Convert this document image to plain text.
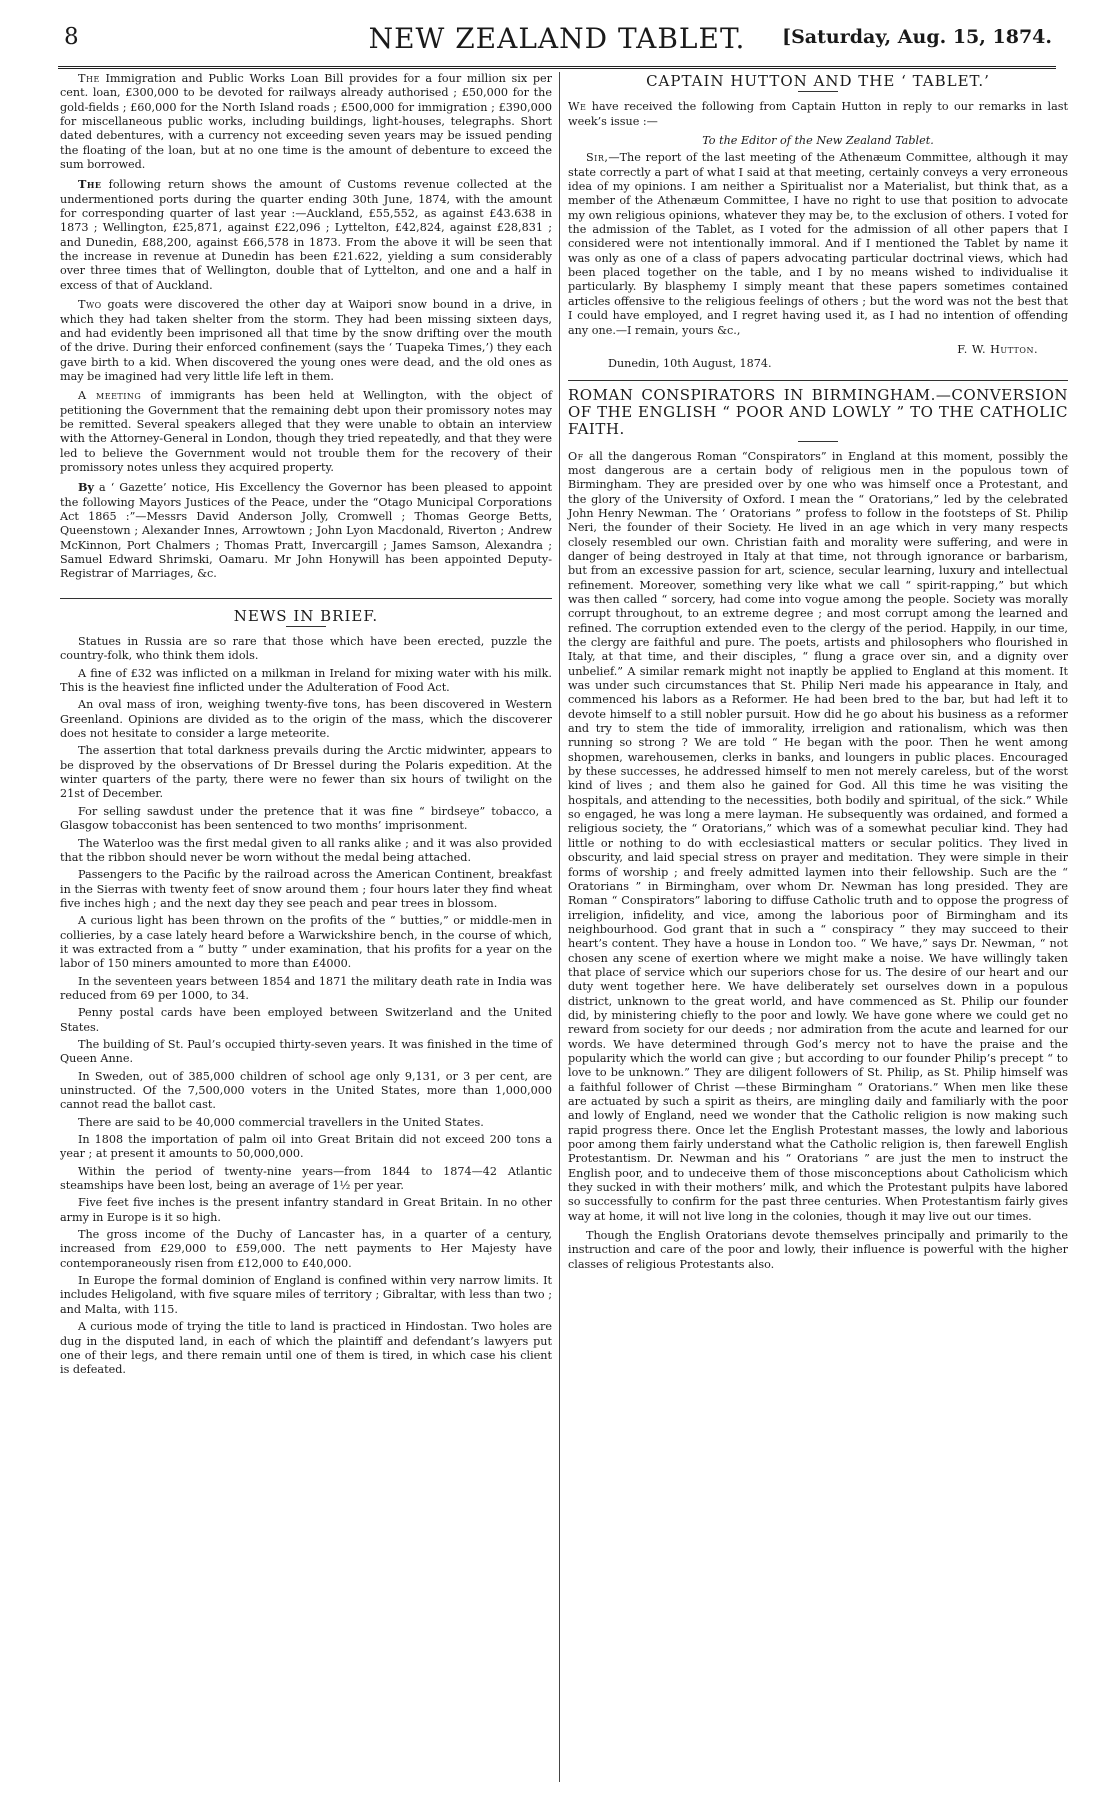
8	NEW ZEALAND TABLET.	[Saturday, Aug. 15, 1874.

The Immigration and Public Works Loan Bill provides for a four million six per cent. loan, £300,000 to be devoted for railways already authorised ; £50,000 for the gold-fields ; £60,000 for the North Island roads ; £500,000 for immigration ; £390,000 for miscellaneous public works, including buildings, light-houses, telegraphs. Short dated debentures, with a currency not exceeding seven years may be issued pending the floating of the loan, but at no one time is the amount of debenture to exceed the sum borrowed.

The following return shows the amount of Customs revenue collected at the undermentioned ports during the quarter ending 30th June, 1874, with the amount for corresponding quarter of last year :—Auckland, £55,552, as against £43.638 in 1873 ; Wellington, £25,871, against £22,096 ; Lyttelton, £42,824, against £28,831 ; and Dunedin, £88,200, against £66,578 in 1873. From the above it will be seen that the increase in revenue at Dunedin has been £21.622, yielding a sum considerably over three times that of Wellington, double that of Lyttelton, and one and a half in excess of that of Auckland.

Two goats were discovered the other day at Waipori snow bound in a drive, in which they had taken shelter from the storm. They had been missing sixteen days, and had evidently been imprisoned all that time by the snow drifting over the mouth of the drive. During their enforced confinement (says the ‘ Tuapeka Times,’) they each gave birth to a kid. When discovered the young ones were dead, and the old ones as may be imagined had very little life left in them.

A meeting of immigrants has been held at Wellington, with the object of petitioning the Government that the remaining debt upon their promissory notes may be remitted. Several speakers alleged that they were unable to obtain an interview with the Attorney-General in London, though they tried repeatedly, and that they were led to believe the Government would not trouble them for the recovery of their promissory notes unless they acquired property.

By a ‘ Gazette’ notice, His Excellency the Governor has been pleased to appoint the following Mayors Justices of the Peace, under the “Otago Municipal Corporations Act 1865 :”—Messrs David Anderson Jolly, Cromwell ; Thomas George Betts, Queenstown ; Alexander Innes, Arrowtown ; John Lyon Macdonald, Riverton ; Andrew McKinnon, Port Chalmers ; Thomas Pratt, Invercargill ; James Samson, Alexandra ; Samuel Edward Shrimski, Oamaru. Mr John Honywill has been appointed Deputy-Registrar of Marriages, &c.

NEWS IN BRIEF.

Statues in Russia are so rare that those which have been erected, puzzle the country-folk, who think them idols.

A fine of £32 was inflicted on a milkman in Ireland for mixing water with his milk. This is the heaviest fine inflicted under the Adulteration of Food Act.

An oval mass of iron, weighing twenty-five tons, has been discovered in Western Greenland. Opinions are divided as to the origin of the mass, which the discoverer does not hesitate to consider a large meteorite.

The assertion that total darkness prevails during the Arctic midwinter, appears to be disproved by the observations of Dr Bressel during the Polaris expedition. At the winter quarters of the party, there were no fewer than six hours of twilight on the 21st of December.

For selling sawdust under the pretence that it was fine “ birdseye” tobacco, a Glasgow tobacconist has been sentenced to two months’ imprisonment.

The Waterloo was the first medal given to all ranks alike ; and it was also provided that the ribbon should never be worn without the medal being attached.

Passengers to the Pacific by the railroad across the American Continent, breakfast in the Sierras with twenty feet of snow around them ; four hours later they find wheat five inches high ; and the next day they see peach and pear trees in blossom.

A curious light has been thrown on the profits of the “ butties,” or middle-men in collieries, by a case lately heard before a Warwickshire bench, in the course of which, it was extracted from a “ butty ” under examination, that his profits for a year on the labor of 150 miners amounted to more than £4000.

In the seventeen years between 1854 and 1871 the military death rate in India was reduced from 69 per 1000, to 34.

Penny postal cards have been employed between Switzerland and the United States.

The building of St. Paul’s occupied thirty-seven years. It was finished in the time of Queen Anne.

In Sweden, out of 385,000 children of school age only 9,131, or 3 per cent, are uninstructed. Of the 7,500,000 voters in the United States, more than 1,000,000 cannot read the ballot cast.

There are said to be 40,000 commercial travellers in the United States.

In 1808 the importation of palm oil into Great Britain did not exceed 200 tons a year ; at present it amounts to 50,000,000.

Within the period of twenty-nine years—from 1844 to 1874—42 Atlantic steamships have been lost, being an average of 1½ per year.

Five feet five inches is the present infantry standard in Great Britain. In no other army in Europe is it so high.

The gross income of the Duchy of Lancaster has, in a quarter of a century, increased from £29,000 to £59,000. The nett payments to Her Majesty have contemporaneously risen from £12,000 to £40,000.

In Europe the formal dominion of England is confined within very narrow limits. It includes Heligoland, with five square miles of territory ; Gibraltar, with less than two ; and Malta, with 115.

A curious mode of trying the title to land is practiced in Hindostan. Two holes are dug in the disputed land, in each of which the plaintiff and defendant’s lawyers put one of their legs, and there remain until one of them is tired, in which case his client is defeated.

CAPTAIN HUTTON AND THE ‘ TABLET.’

We have received the following from Captain Hutton in reply to our remarks in last week’s issue :—

To the Editor of the New Zealand Tablet.

Sir,—The report of the last meeting of the Athenæum Committee, although it may state correctly a part of what I said at that meeting, certainly conveys a very erroneous idea of my opinions. I am neither a Spiritualist nor a Materialist, but think that, as a member of the Athenæum Committee, I have no right to use that position to advocate my own religious opinions, whatever they may be, to the exclusion of others. I voted for the admission of the Tablet, as I voted for the admission of all other papers that I considered were not intentionally immoral. And if I mentioned the Tablet by name it was only as one of a class of papers advocating particular doctrinal views, which had been placed together on the table, and I by no means wished to individualise it particularly. By blasphemy I simply meant that these papers sometimes contained articles offensive to the religious feelings of others ; but the word was not the best that I could have employed, and I regret having used it, as I had no intention of offending any one.—I remain, yours &c.,

F. W. Hutton.
Dunedin, 10th August, 1874.
ROMAN CONSPIRATORS IN BIRMINGHAM.—CONVERSION OF THE ENGLISH “ POOR AND LOWLY ” TO THE CATHOLIC FAITH.

Of all the dangerous Roman “Conspirators” in England at this moment, possibly the most dangerous are a certain body of religious men in the populous town of Birmingham. They are presided over by one who was himself once a Protestant, and the glory of the University of Oxford. I mean the “ Oratorians,” led by the celebrated John Henry Newman. The ‘ Oratorians ” profess to follow in the footsteps of St. Philip Neri, the founder of their Society. He lived in an age which in very many respects closely resembled our own. Christian faith and morality were suffering, and were in danger of being destroyed in Italy at that time, not through ignorance or barbarism, but from an excessive passion for art, science, secular learning, luxury and intellectual refinement. Moreover, something very like what we call “ spirit-rapping,” but which was then called “ sorcery, had come into vogue among the people. Society was morally corrupt throughout, to an extreme degree ; and most corrupt among the learned and refined. The corruption extended even to the clergy of the period. Happily, in our time, the clergy are faithful and pure. The poets, artists and philosophers who flourished in Italy, at that time, and their disciples, “ flung a grace over sin, and a dignity over unbelief.” A similar remark might not inaptly be applied to England at this moment. It was under such circumstances that St. Philip Neri made his appearance in Italy, and commenced his labors as a Reformer. He had been bred to the bar, but had left it to devote himself to a still nobler pursuit. How did he go about his business as a reformer and try to stem the tide of immorality, irreligion and rationalism, which was then running so strong ? We are told “ He began with the poor. Then he went among shopmen, warehousemen, clerks in banks, and loungers in public places. Encouraged by these successes, he addressed himself to men not merely careless, but of the worst kind of lives ; and them also he gained for God. All this time he was visiting the hospitals, and attending to the necessities, both bodily and spiritual, of the sick.” While so engaged, he was long a mere layman. He subsequently was ordained, and formed a religious society, the “ Oratorians,” which was of a somewhat peculiar kind. They had little or nothing to do with ecclesiastical matters or secular politics. They lived in obscurity, and laid special stress on prayer and meditation. They were simple in their forms of worship ; and freely admitted laymen into their fellowship. Such are the “ Oratorians ” in Birmingham, over whom Dr. Newman has long presided. They are Roman “ Conspirators” laboring to diffuse Catholic truth and to oppose the progress of irreligion, infidelity, and vice, among the laborious poor of Birmingham and its neighbourhood. God grant that in such a “ conspiracy ” they may succeed to their heart’s content. They have a house in London too. “ We have,” says Dr. Newman, “ not chosen any scene of exertion where we might make a noise. We have willingly taken that place of service which our superiors chose for us. The desire of our heart and our duty went together here. We have deliberately set ourselves down in a populous district, unknown to the great world, and have commenced as St. Philip our founder did, by ministering chiefly to the poor and lowly. We have gone where we could get no reward from society for our deeds ; nor admiration from the acute and learned for our words. We have determined through God’s mercy not to have the praise and the popularity which the world can give ; but according to our founder Philip’s precept “ to love to be unknown.” They are diligent followers of St. Philip, as St. Philip himself was a faithful follower of Christ —these Birmingham “ Oratorians.” When men like these are actuated by such a spirit as theirs, are mingling daily and familiarly with the poor and lowly of England, need we wonder that the Catholic religion is now making such rapid progress there. Once let the English Protestant masses, the lowly and laborious poor among them fairly understand what the Catholic religion is, then farewell English Protestantism. Dr. Newman and his “ Oratorians ” are just the men to instruct the English poor, and to undeceive them of those misconceptions about Catholicism which they sucked in with their mothers’ milk, and which the Protestant pulpits have labored so successfully to confirm for the past three centuries. When Protestantism fairly gives way at home, it will not live long in the colonies, though it may live out our times.

Though the English Oratorians devote themselves principally and primarily to the instruction and care of the poor and lowly, their influence is powerful with the higher classes of religious Protestants also.
